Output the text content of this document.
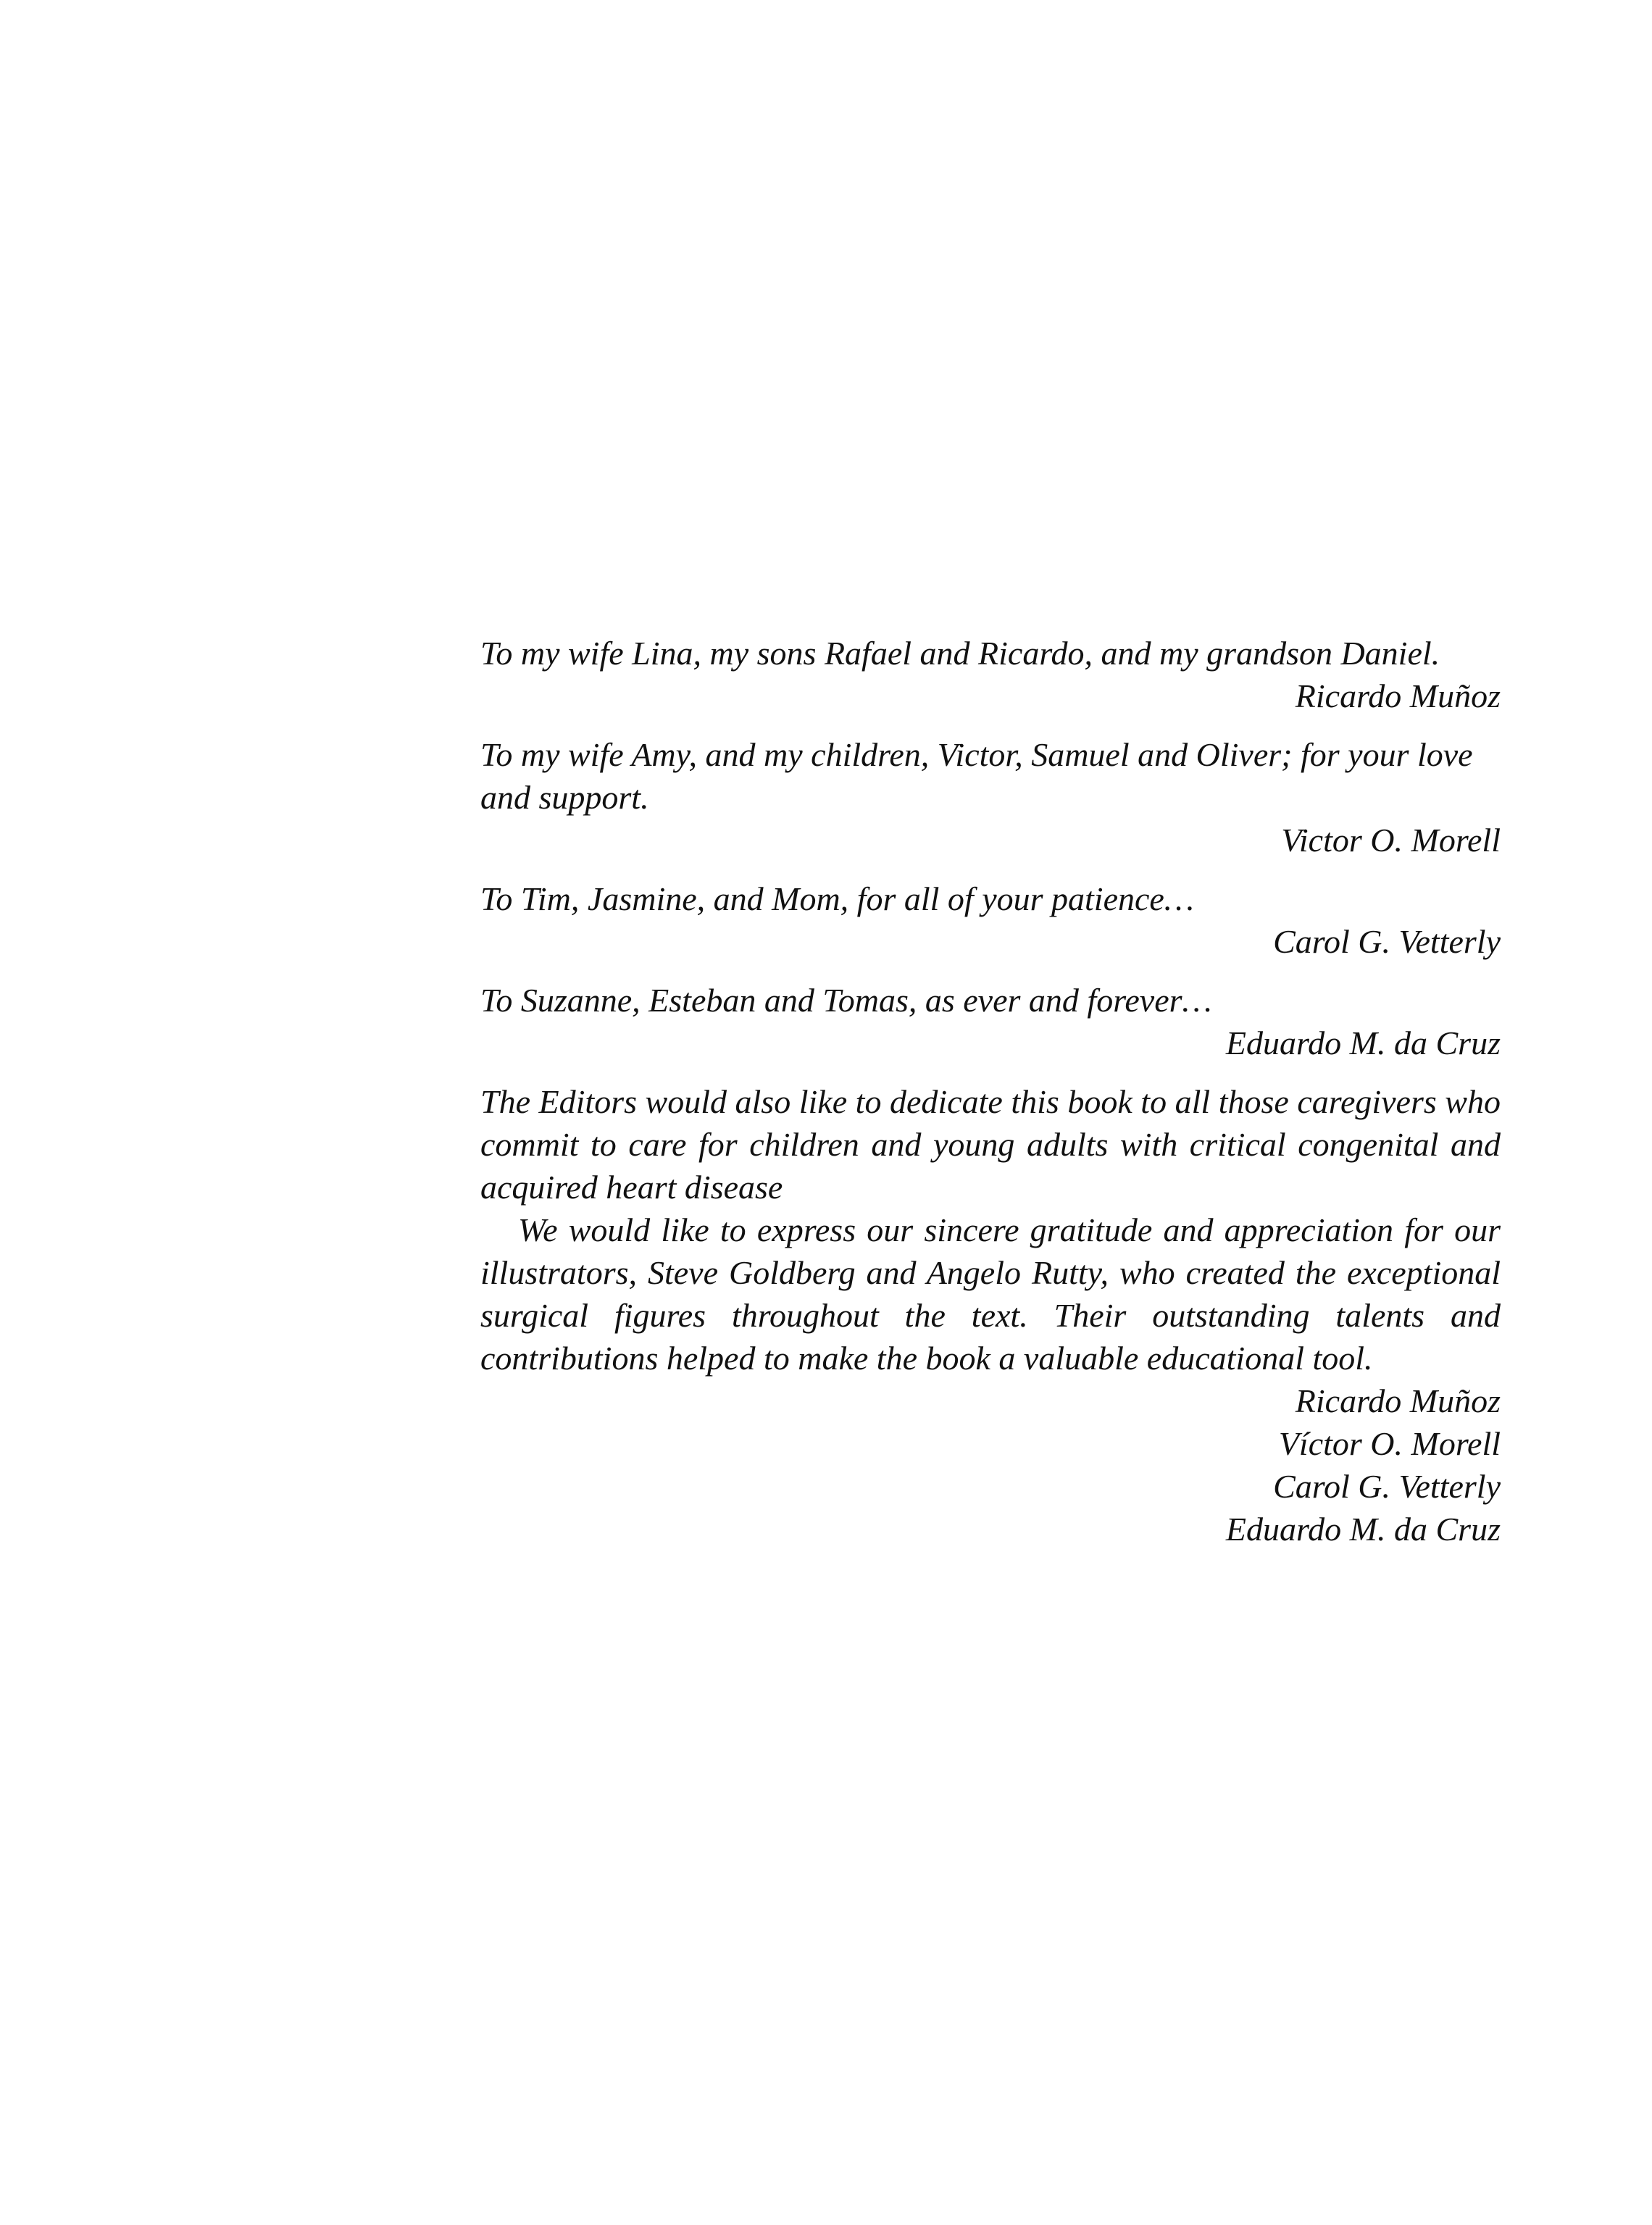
To my wife Lina, my sons Rafael and Ricardo, and my grandson Daniel.
Ricardo Muñoz
To my wife Amy, and my children, Victor, Samuel and Oliver; for your love and support.
Victor O. Morell
To Tim, Jasmine, and Mom, for all of your patience…
Carol G. Vetterly
To Suzanne, Esteban and Tomas, as ever and forever…
Eduardo M. da Cruz
The Editors would also like to dedicate this book to all those caregivers who commit to care for children and young adults with critical congenital and acquired heart disease
We would like to express our sincere gratitude and appreciation for our illustrators, Steve Goldberg and Angelo Rutty, who created the exceptional surgical figures throughout the text. Their outstanding talents and contributions helped to make the book a valuable educational tool.
Ricardo Muñoz
Víctor O. Morell
Carol G. Vetterly
Eduardo M. da Cruz
